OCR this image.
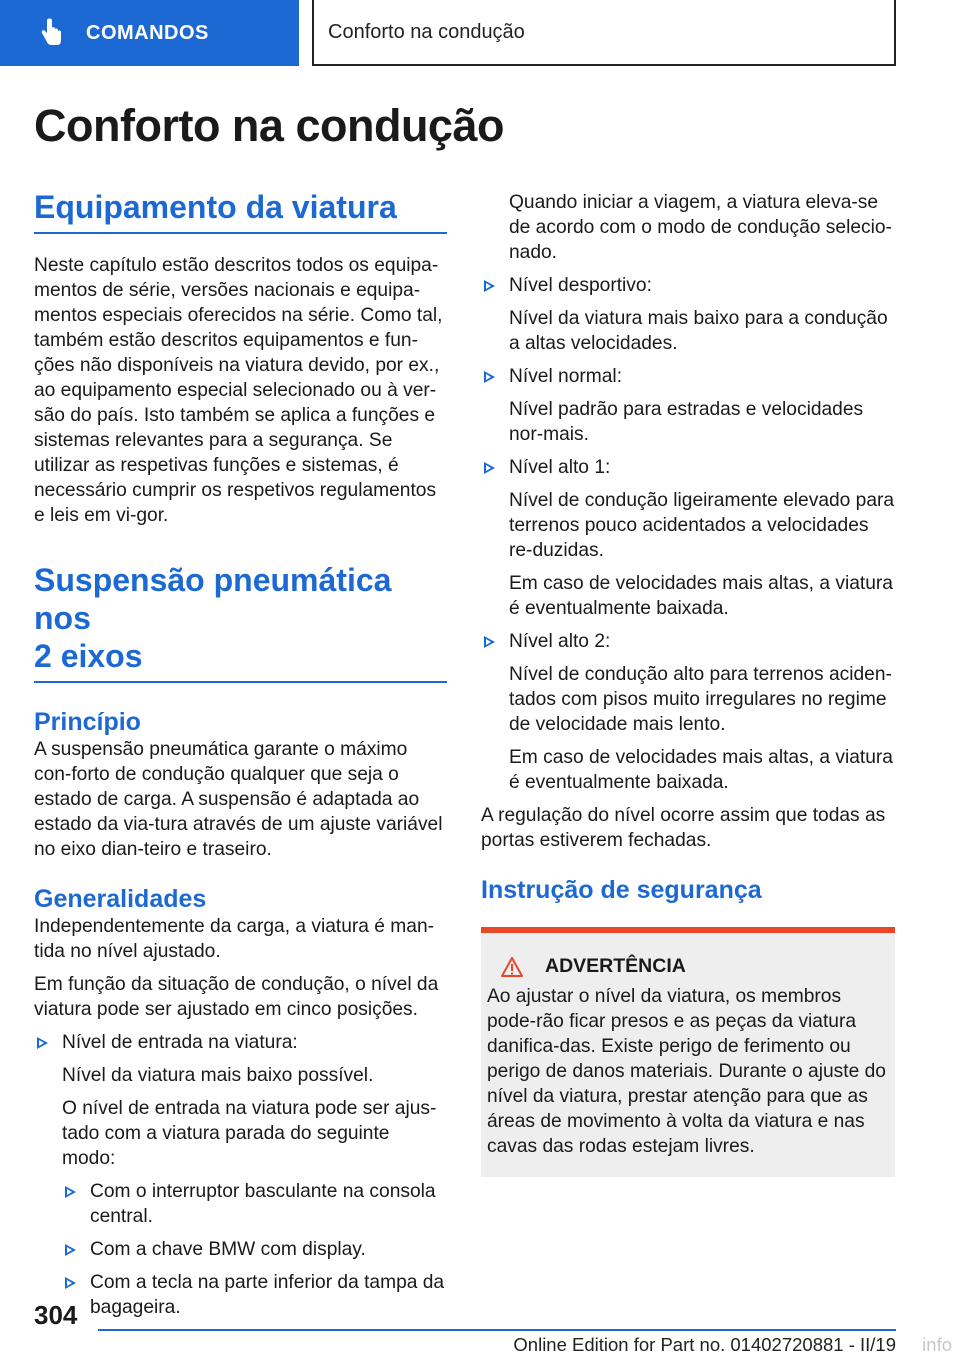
COMANDOS	Conforto na condução
Conforto na condução
Equipamento da viatura

Neste capítulo estão descritos todos os equipa-mentos de série, versões nacionais e equipa-mentos especiais oferecidos na série. Como tal, também estão descritos equipamentos e fun-ções não disponíveis na viatura devido, por ex., ao equipamento especial selecionado ou à ver-são do país. Isto também se aplica a funções e sistemas relevantes para a segurança. Se utilizar as respetivas funções e sistemas, é necessário cumprir os respetivos regulamentos e leis em vi-gor.

Suspensão pneumática nos
2 eixos
Princípio

A suspensão pneumática garante o máximo con-forto de condução qualquer que seja o estado de carga. A suspensão é adaptada ao estado da via-tura através de um ajuste variável no eixo dian-teiro e traseiro.

Generalidades

Independentemente da carga, a viatura é man-tida no nível ajustado.

Em função da situação de condução, o nível da viatura pode ser ajustado em cinco posições.

Nível de entrada na viatura:
Nível da viatura mais baixo possível.
O nível de entrada na viatura pode ser ajus-tado com a viatura parada do seguinte modo:
Com o interruptor basculante na consola central.
Com a chave BMW com display.
Com a tecla na parte inferior da tampa da bagageira.
Quando iniciar a viagem, a viatura eleva-se de acordo com o modo de condução selecio-nado.
Nível desportivo:
Nível da viatura mais baixo para a condução a altas velocidades.
Nível normal:
Nível padrão para estradas e velocidades nor-mais.
Nível alto 1:
Nível de condução ligeiramente elevado para terrenos pouco acidentados a velocidades re-duzidas.
Em caso de velocidades mais altas, a viatura é eventualmente baixada.
Nível alto 2:
Nível de condução alto para terrenos aciden-tados com pisos muito irregulares no regime de velocidade mais lento.
Em caso de velocidades mais altas, a viatura é eventualmente baixada.

A regulação do nível ocorre assim que todas as portas estiverem fechadas.

Instrução de segurança
ADVERTÊNCIA

Ao ajustar o nível da viatura, os membros pode-rão ficar presos e as peças da viatura danifica-das. Existe perigo de ferimento ou perigo de danos materiais. Durante o ajuste do nível da viatura, prestar atenção para que as áreas de movimento à volta da viatura e nas cavas das rodas estejam livres.

304
Online Edition for Part no. 01402720881 - II/19 info
